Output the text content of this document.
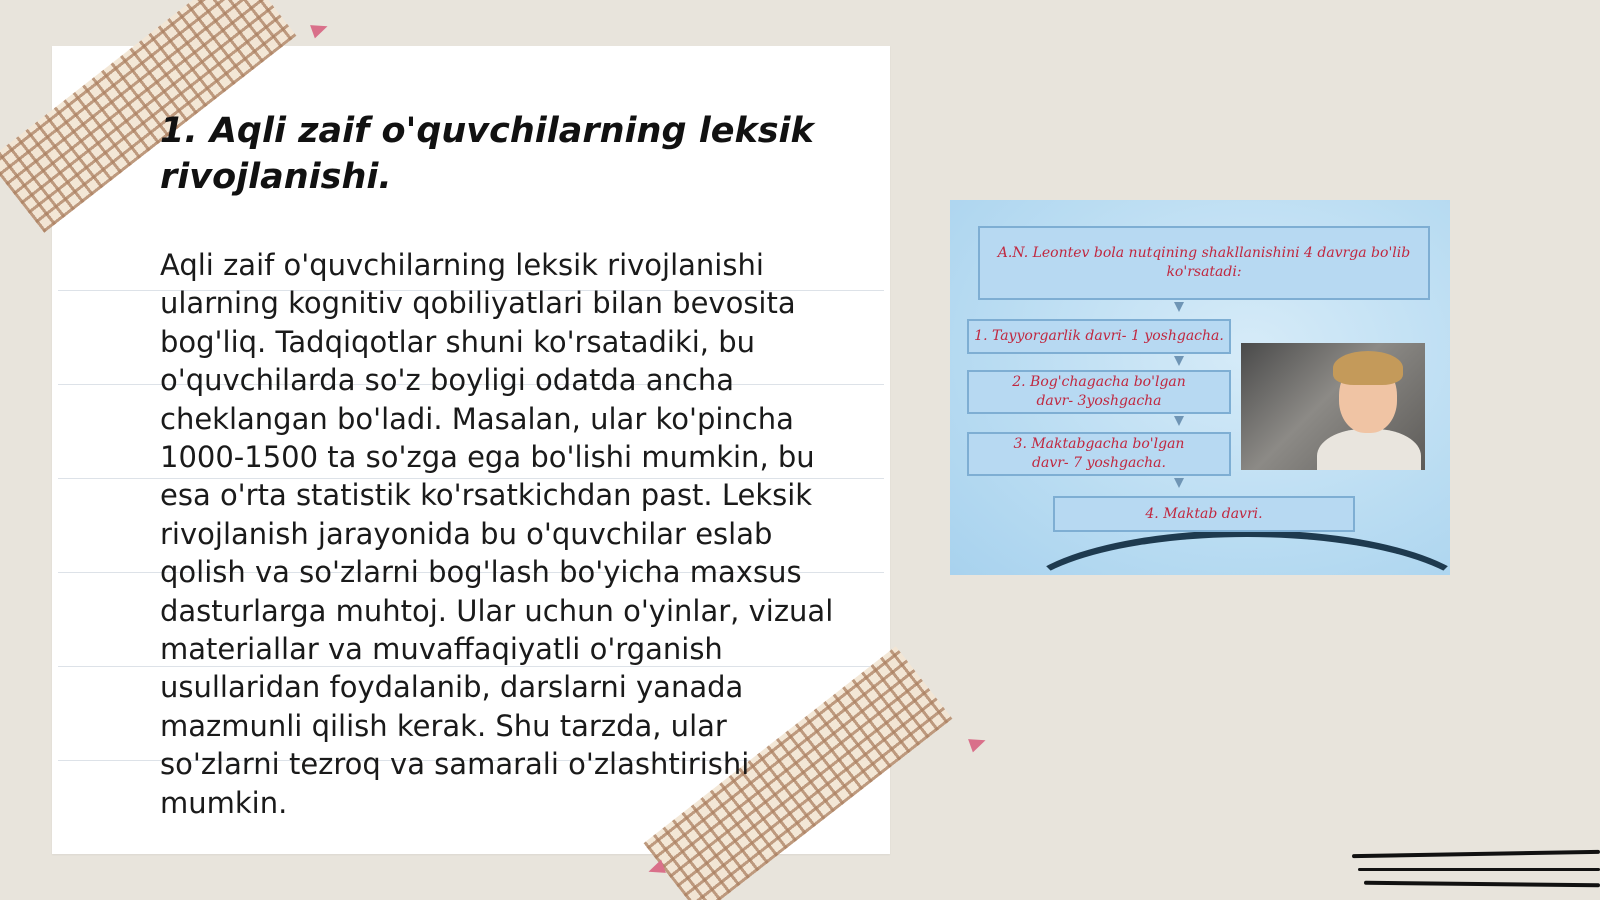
1. Aqli zaif o'quvchilarning leksik rivojlanishi.

Aqli zaif o'quvchilarning leksik rivojlanishi ularning kognitiv qobiliyatlari bilan bevosita bog'liq. Tadqiqotlar shuni ko'rsatadiki, bu o'quvchilarda so'z boyligi odatda ancha cheklangan bo'ladi. Masalan, ular ko'pincha 1000-1500 ta so'zga ega bo'lishi mumkin, bu esa o'rta statistik ko'rsatkichdan past. Leksik rivojlanish jarayonida bu o'quvchilar eslab qolish va so'zlarni bog'lash bo'yicha maxsus dasturlarga muhtoj. Ular uchun o'yinlar, vizual materiallar va muvaffaqiyatli o'rganish usullaridan foydalanib, darslarni yanada mazmunli qilish kerak. Shu tarzda, ular so'zlarni tezroq va samarali o'zlashtirishi mumkin.

A.N. Leontev bola nutqining shakllanishini 4 davrga bo'lib ko'rsatadi:
1. Tayyorgarlik davri- 1 yoshgacha.
2. Bog'chagacha bo'lgan davr- 3yoshgacha
3. Maktabgacha bo'lgan davr- 7 yoshgacha.
4. Maktab davri.
